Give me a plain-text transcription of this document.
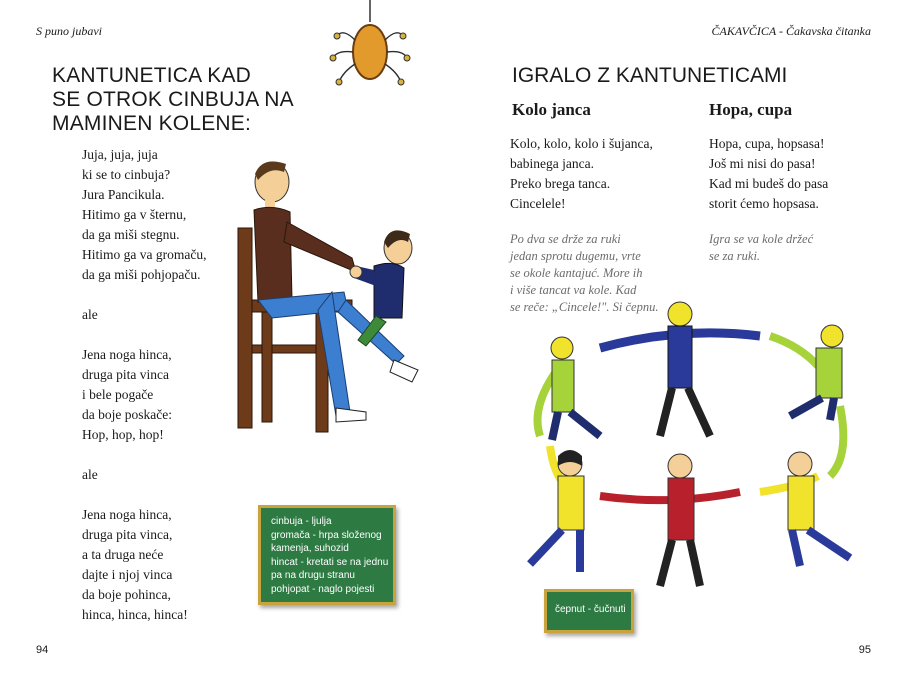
S puno jubavi	ČAKAVČICA - Čakavska čitanka
KANTUNETICA KAD
SE OTROK CINBUJA NA
MAMINEN KOLENE:
Juja, juja, juja
ki se to cinbuja?
Jura Pancikula.
Hitimo ga v šternu,
da ga miši stegnu.
Hitimo ga va gromaču,
da ga miši pohjopaču.
ale
Jena noga hinca,
druga pita vinca
i bele pogače
da boje poskače:
Hop, hop, hop!
ale
Jena noga hinca,
druga pita vinca,
a ta druga neće
dajte i njoj vinca
da boje pohinca,
hinca, hinca, hinca!
cinbuja - ljulja
gromača - hrpa složenog
kamenja, suhozid
hincat - kretati se na jednu
pa na drugu stranu
pohjopat - naglo pojesti
94
IGRALO Z KANTUNETICAMI
Kolo janca	Hopa, cupa
Kolo, kolo, kolo i šujanca,
babinega janca.
Preko brega tanca.
Cincelele!
Hopa, cupa, hopsasa!
Još mi nisi do pasa!
Kad mi budeš do pasa
storit ćemo hopsasa.
Po dva se drže za ruki
jedan sprotu dugemu, vrte
se okole kantajuć. More ih
i više tancat va kole. Kad
se reče: „Cincele!". Si čepnu.
Igra se va kole držeć
se za ruki.
čepnut - čučnuti
95
